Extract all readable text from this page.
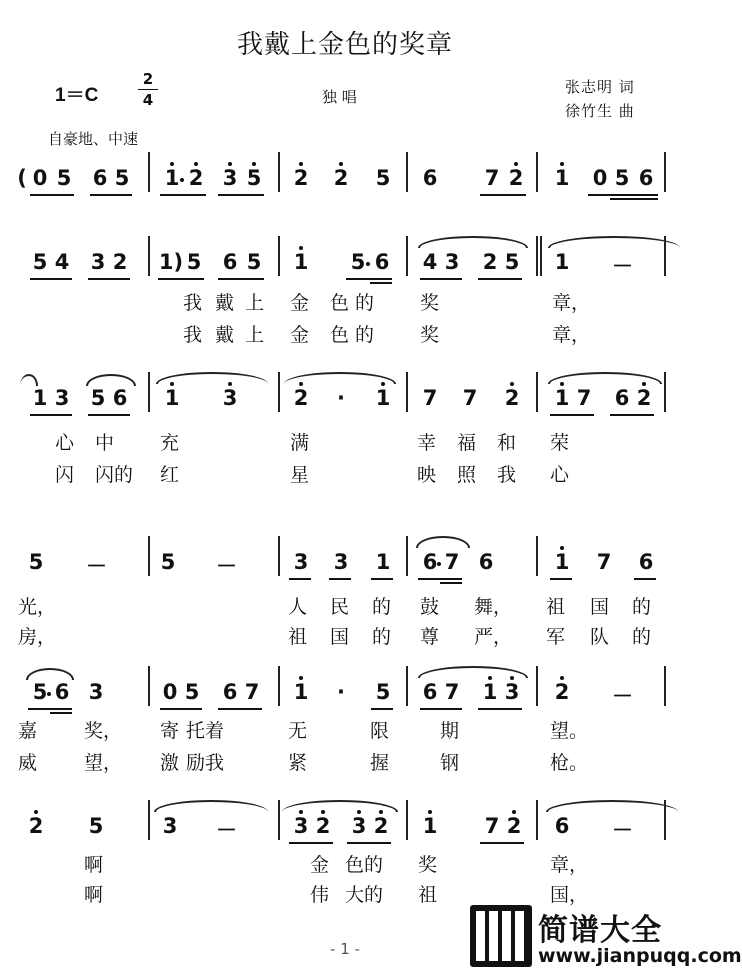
我戴上金色的奖章
1＝C
2
4	独 唱
张志明 词
徐竹生 曲
自豪地、中速
( 0 5 6 5 1 2 3 5 2 2 5 6 7 2 1 0 5 6
5 4 3 2 1) 5 6 5 1 5 6 4 3 2 5 1 －
我 戴 上 金 色 的 奖	章，
我 戴 上 金 色 的 奖	章，
1 3 5 6 1 3	2 · 1 7 7 2 1 7 6 2
心 中 充	满	幸 福 和 荣
闪 闪的 红	星	映 照 我 心
5 －	5 －	3 3 1 6 7 6	1 7 6
光，	人 民 的 鼓 舞， 祖 国 的
房，	祖 国 的 尊 严， 军 队 的
5 6 3	0 5 6 7 1 · 5 6 7 1 3 2 －
嘉 奖， 寄 托着	无	限	期	望。
威 望， 激 励我	紧	握	钢	枪。
2 5	3 －	3 2 3 2 1 7 2 6 －
啊	金 色的 奖	章，
啊	伟 大的 祖	国，
- 1 -
简谱大全
www.jianpuqq.com
